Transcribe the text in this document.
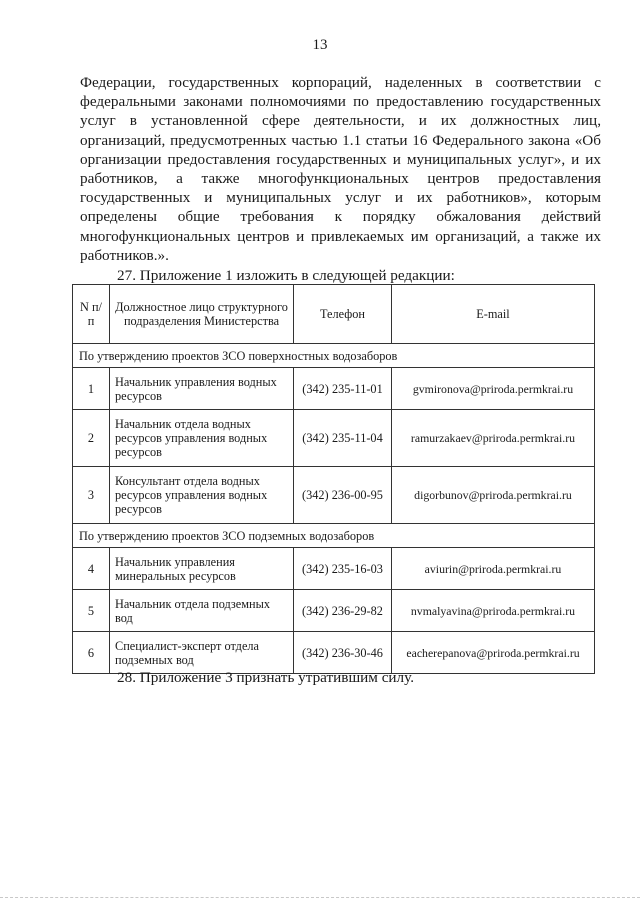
13
Федерации, государственных корпораций, наделенных в соответствии с федеральными законами полномочиями по предоставлению государственных услуг в установленной сфере деятельности, и их должностных лиц, организаций, предусмотренных частью 1.1 статьи 16 Федерального закона «Об организации предоставления государственных и муниципальных услуг», и их работников, а также многофункциональных центров предоставления государственных и муниципальных услуг и их работников», которым определены общие требования к порядку обжалования действий многофункциональных центров и привлекаемых им организаций, а также их работников.».
27. Приложение 1 изложить в следующей редакции:
N п/п	Должностное лицо структурного подразделения Министерства	Телефон	E-mail
По утверждению проектов ЗСО поверхностных водозаборов			
1	Начальник управления водных ресурсов	(342) 235-11-01	gvmironova@priroda.permkrai.ru
2	Начальник отдела водных ресурсов управления водных ресурсов	(342) 235-11-04	ramurzakaev@priroda.permkrai.ru
3	Консультант отдела водных ресурсов управления водных ресурсов	(342) 236-00-95	digorbunov@priroda.permkrai.ru
По утверждению проектов ЗСО подземных водозаборов			
4	Начальник управления минеральных ресурсов	(342) 235-16-03	aviurin@priroda.permkrai.ru
5	Начальник отдела подземных вод	(342) 236-29-82	nvmalyavina@priroda.permkrai.ru
6	Специалист-эксперт отдела подземных вод	(342) 236-30-46	eacherepanova@priroda.permkrai.ru
28. Приложение 3 признать утратившим силу.
